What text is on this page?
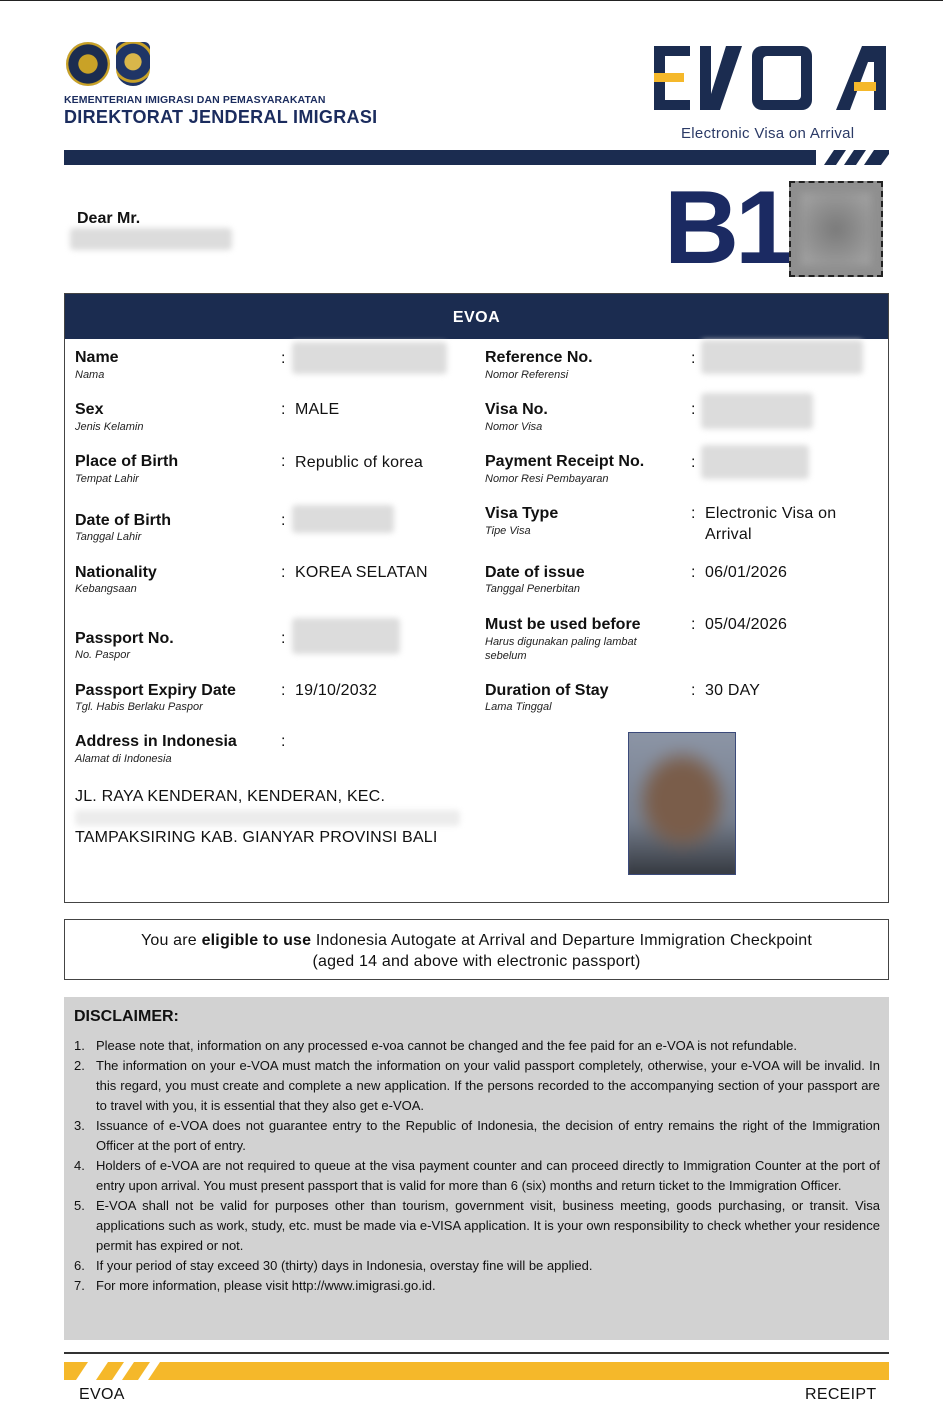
KEMENTERIAN IMIGRASI DAN PEMASYARAKATAN
DIREKTORAT JENDERAL IMIGRASI
Electronic Visa on Arrival
Dear Mr.	B1
EVOA
Name
Nama
:
Sex
Jenis Kelamin
: MALE
Place of Birth
Tempat Lahir
: Republic of korea
Date of Birth
Tanggal Lahir
:
Nationality
Kebangsaan
: KOREA SELATAN
Passport No.
No. Paspor
:
Passport Expiry Date
Tgl. Habis Berlaku Paspor
: 19/10/2032
Address in Indonesia
Alamat di Indonesia
:
JL. RAYA KENDERAN, KENDERAN, KEC.
TAMPAKSIRING KAB. GIANYAR PROVINSI BALI
Reference No.
Nomor Referensi
:
Visa No.
Nomor Visa
:
Payment Receipt No.
Nomor Resi Pembayaran
:
Visa Type
Tipe Visa
: Electronic Visa on Arrival
Date of issue
Tanggal Penerbitan
: 06/01/2026
Must be used before
Harus digunakan paling lambat sebelum
: 05/04/2026
Duration of Stay
Lama Tinggal
: 30 DAY
You are eligible to use Indonesia Autogate at Arrival and Departure Immigration Checkpoint
(aged 14 and above with electronic passport)
DISCLAIMER:
1. Please note that, information on any processed e-voa cannot be changed and the fee paid for an e-VOA is not refundable.
2. The information on your e-VOA must match the information on your valid passport completely, otherwise, your e-VOA will be invalid. In this regard, you must create and complete a new application. If the persons recorded to the accompanying section of your passport are to travel with you, it is essential that they also get e-VOA.
3. Issuance of e-VOA does not guarantee entry to the Republic of Indonesia, the decision of entry remains the right of the Immigration Officer at the port of entry.
4. Holders of e-VOA are not required to queue at the visa payment counter and can proceed directly to Immigration Counter at the port of entry upon arrival. You must present passport that is valid for more than 6 (six) months and return ticket to the Immigration Officer.
5. E-VOA shall not be valid for purposes other than tourism, government visit, business meeting, goods purchasing, or transit. Visa applications such as work, study, etc. must be made via e-VISA application. It is your own responsibility to check whether your residence permit has expired or not.
6. If your period of stay exceed 30 (thirty) days in Indonesia, overstay fine will be applied.
7. For more information, please visit http://www.imigrasi.go.id.
EVOA	RECEIPT
